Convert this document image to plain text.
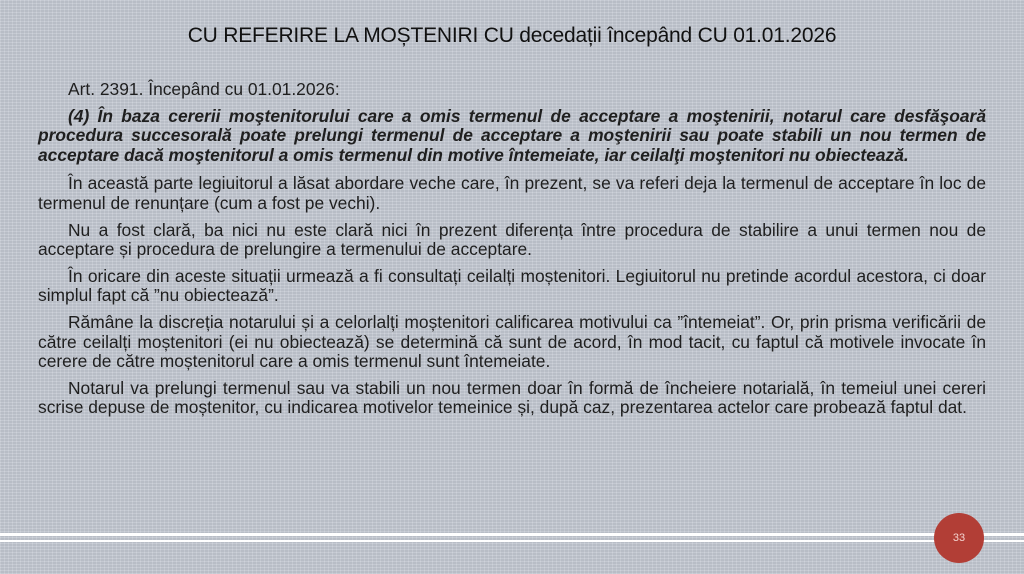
CU REFERIRE LA MOȘTENIRI CU decedații începând CU 01.01.2026

Art. 2391. Începând cu 01.01.2026:

(4) În baza cererii moştenitorului care a omis termenul de acceptare a moştenirii, notarul care desfăşoară procedura succesorală poate prelungi termenul de acceptare a moştenirii sau poate stabili un nou termen de acceptare dacă moştenitorul a omis termenul din motive întemeiate, iar ceilalţi moştenitori nu obiectează.

În această parte legiuitorul a lăsat abordare veche care, în prezent, se va referi deja la termenul de acceptare în loc de termenul de renunțare (cum a fost pe vechi).

Nu a fost clară, ba nici nu este clară nici în prezent diferența între procedura de stabilire a unui termen nou de acceptare și procedura de prelungire a termenului de acceptare.

În oricare din aceste situații urmează a fi consultați ceilalți moștenitori. Legiuitorul nu pretinde acordul acestora, ci doar simplul fapt că ”nu obiectează”.

Rămâne la discreția notarului și a celorlalți moștenitori calificarea motivului ca ”întemeiat”. Or, prin prisma verificării de către ceilalți moștenitori (ei nu obiectează) se determină că sunt de acord, în mod tacit, cu faptul că motivele invocate în cerere de către moștenitorul care a omis termenul sunt întemeiate.

Notarul va prelungi termenul sau va stabili un nou termen doar în formă de încheiere notarială, în temeiul unei cereri scrise depuse de moștenitor, cu indicarea motivelor temeinice și, după caz, prezentarea actelor care probează faptul dat.

33
